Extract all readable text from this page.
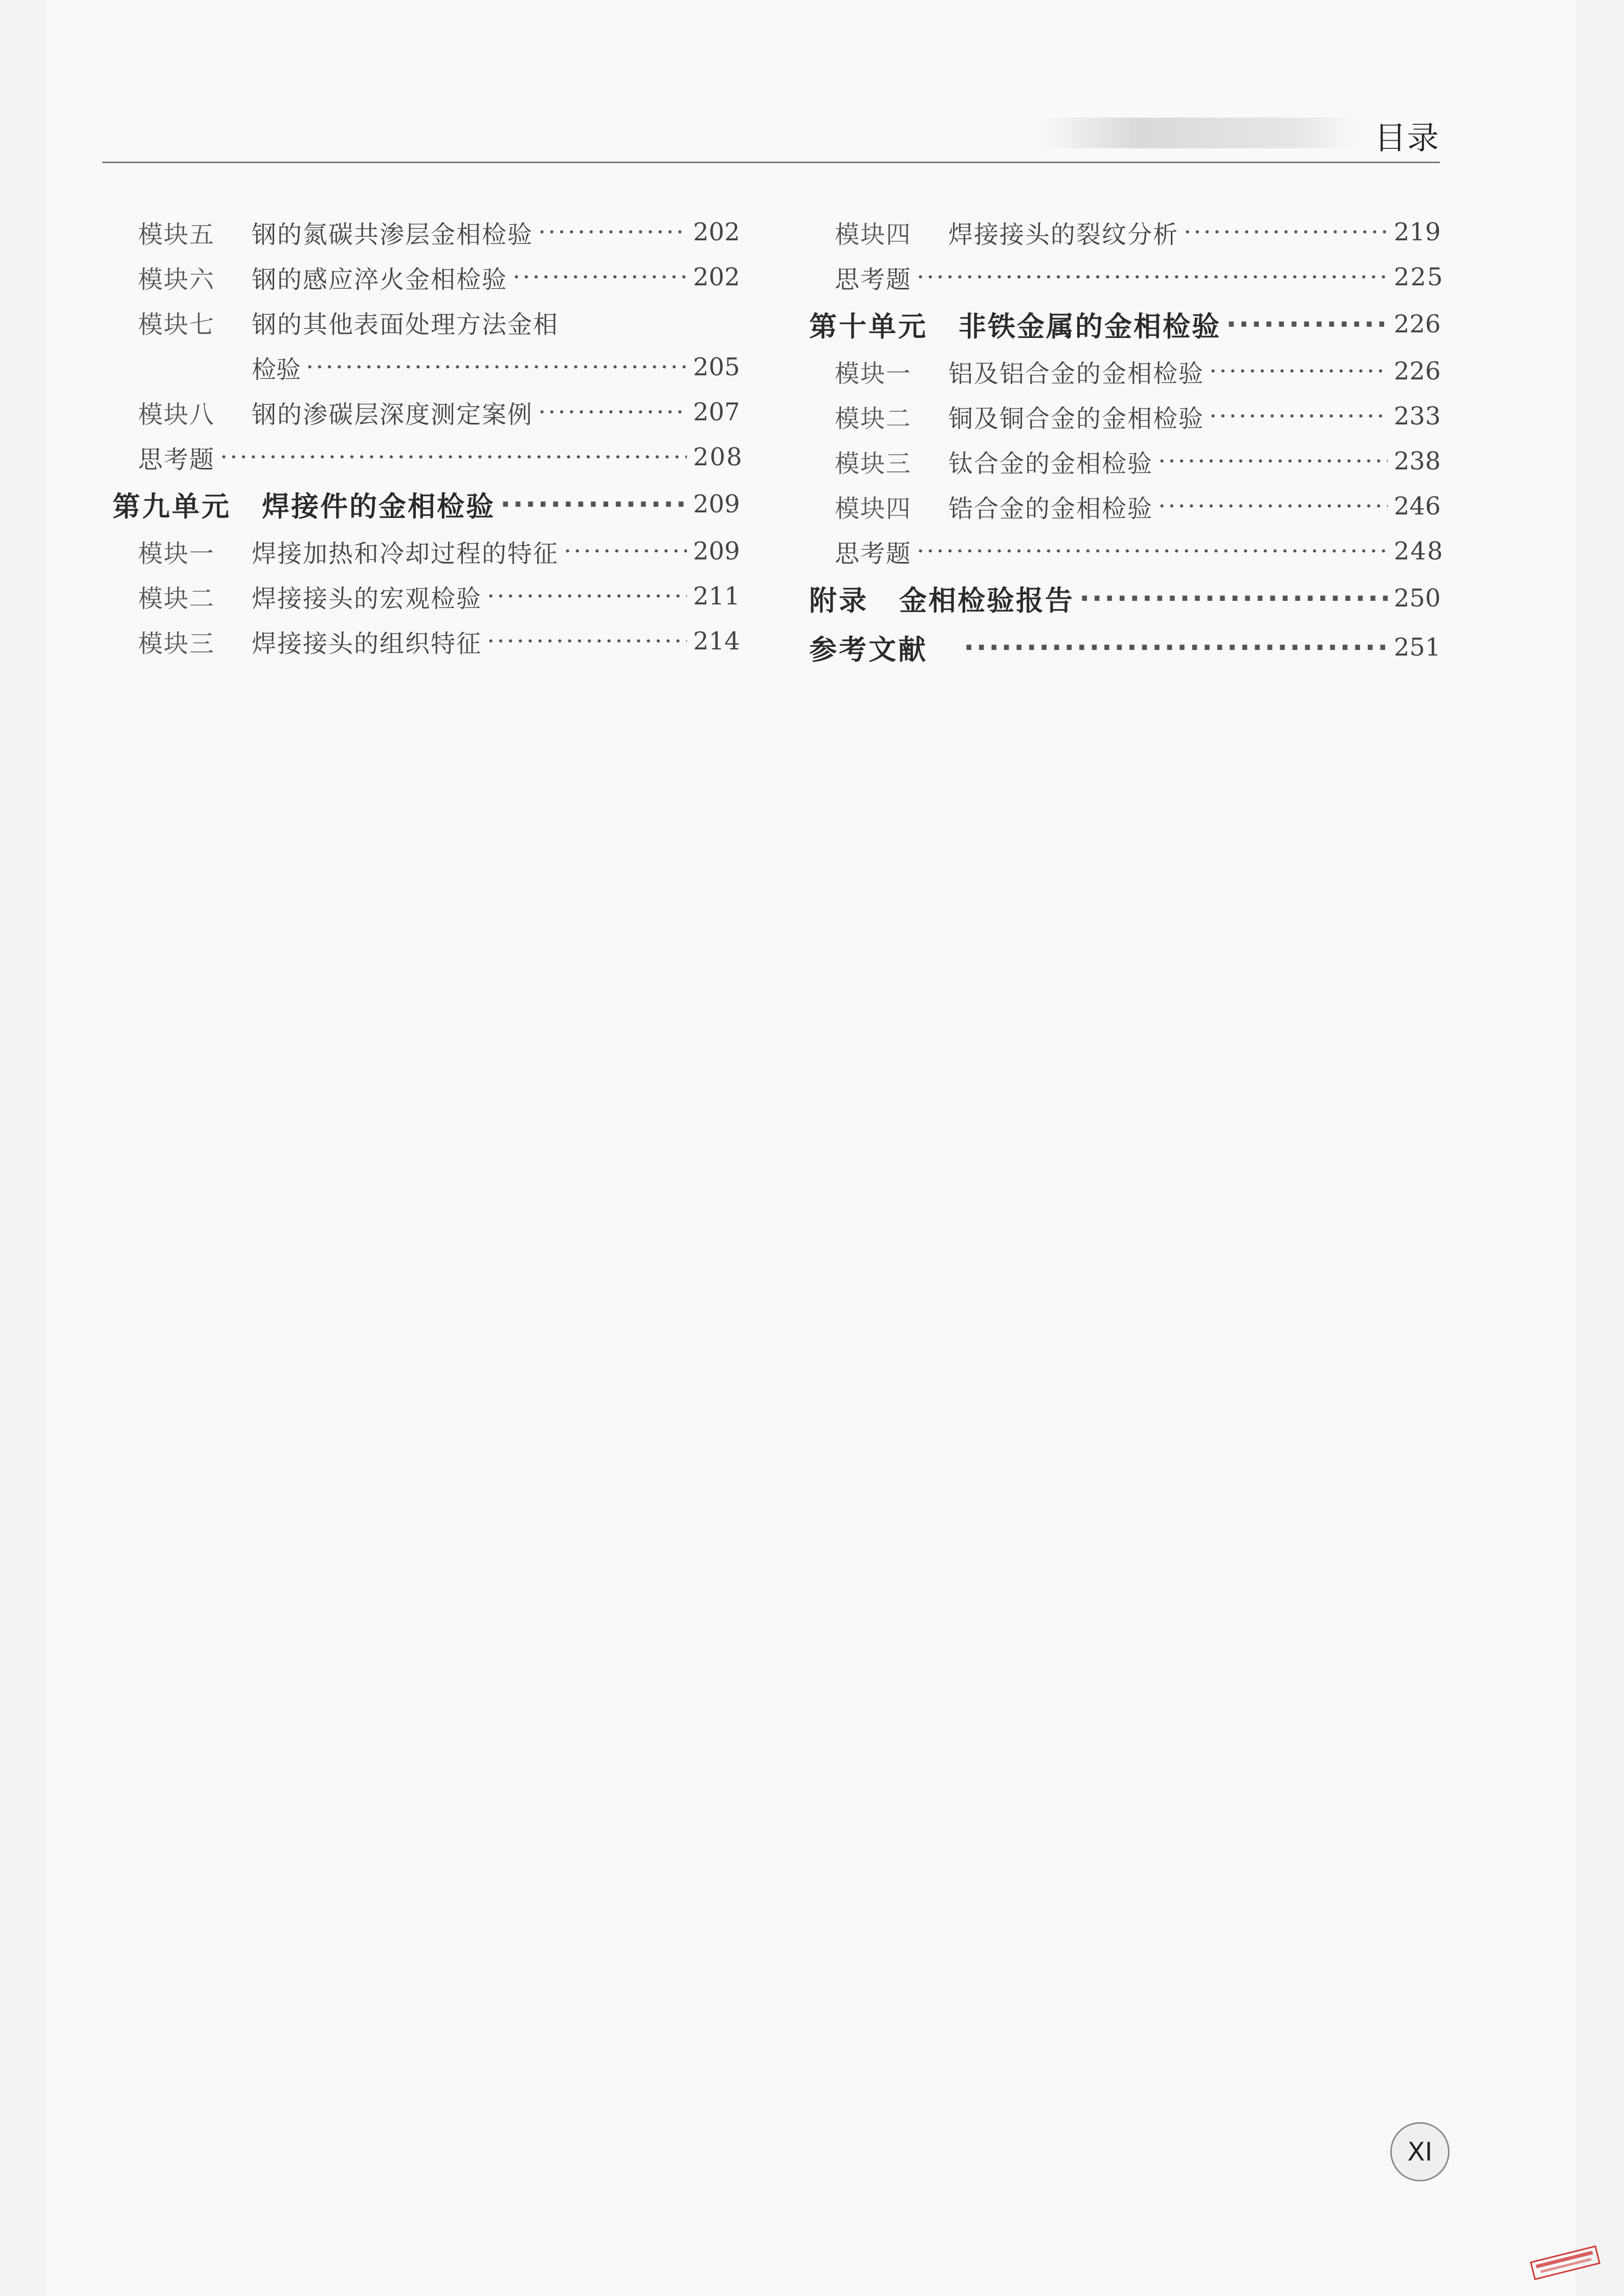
目录
模块五 钢的氮碳共渗层金相检验 ·····	202
模块六 钢的感应淬火金相检验 ·····	202
模块七 钢的其他表面处理方法金相
检验 ·····	205
模块八 钢的渗碳层深度测定案例 ·····	207
思考题 ·····	208
第九单元 焊接件的金相检验 ·····	209
模块一 焊接加热和冷却过程的特征 ·····	209
模块二 焊接接头的宏观检验 ·····	211
模块三 焊接接头的组织特征 ·····	214
模块四 焊接接头的裂纹分析 ·····	219
思考题 ·····	225
第十单元 非铁金属的金相检验 ·····	226
模块一 铝及铝合金的金相检验 ·····	226
模块二 铜及铜合金的金相检验 ·····	233
模块三 钛合金的金相检验 ·····	238
模块四 锆合金的金相检验 ·····	246
思考题 ·····	248
附录 金相检验报告 ·····	250
参考文献 ·····	251
XI
